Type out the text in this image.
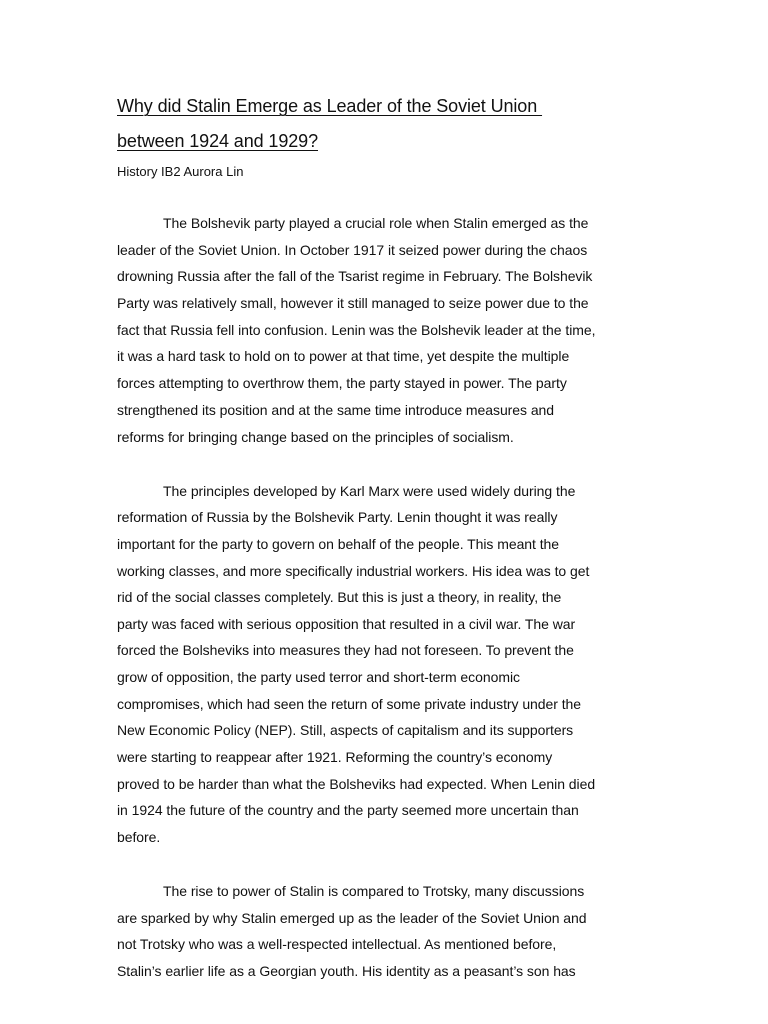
Why did Stalin Emerge as Leader of the Soviet Union
between 1924 and 1929?
History IB2 Aurora Lin
The Bolshevik party played a crucial role when Stalin emerged as the
leader of the Soviet Union. In October 1917 it seized power during the chaos
drowning Russia after the fall of the Tsarist regime in February. The Bolshevik
Party was relatively small, however it still managed to seize power due to the
fact that Russia fell into confusion. Lenin was the Bolshevik leader at the time,
it was a hard task to hold on to power at that time, yet despite the multiple
forces attempting to overthrow them, the party stayed in power. The party
strengthened its position and at the same time introduce measures and
reforms for bringing change based on the principles of socialism.
The principles developed by Karl Marx were used widely during the
reformation of Russia by the Bolshevik Party. Lenin thought it was really
important for the party to govern on behalf of the people. This meant the
working classes, and more specifically industrial workers. His idea was to get
rid of the social classes completely. But this is just a theory, in reality, the
party was faced with serious opposition that resulted in a civil war. The war
forced the Bolsheviks into measures they had not foreseen. To prevent the
grow of opposition, the party used terror and short-term economic
compromises, which had seen the return of some private industry under the
New Economic Policy (NEP). Still, aspects of capitalism and its supporters
were starting to reappear after 1921. Reforming the country’s economy
proved to be harder than what the Bolsheviks had expected. When Lenin died
in 1924 the future of the country and the party seemed more uncertain than
before.
The rise to power of Stalin is compared to Trotsky, many discussions
are sparked by why Stalin emerged up as the leader of the Soviet Union and
not Trotsky who was a well-respected intellectual. As mentioned before,
Stalin’s earlier life as a Georgian youth. His identity as a peasant’s son has
